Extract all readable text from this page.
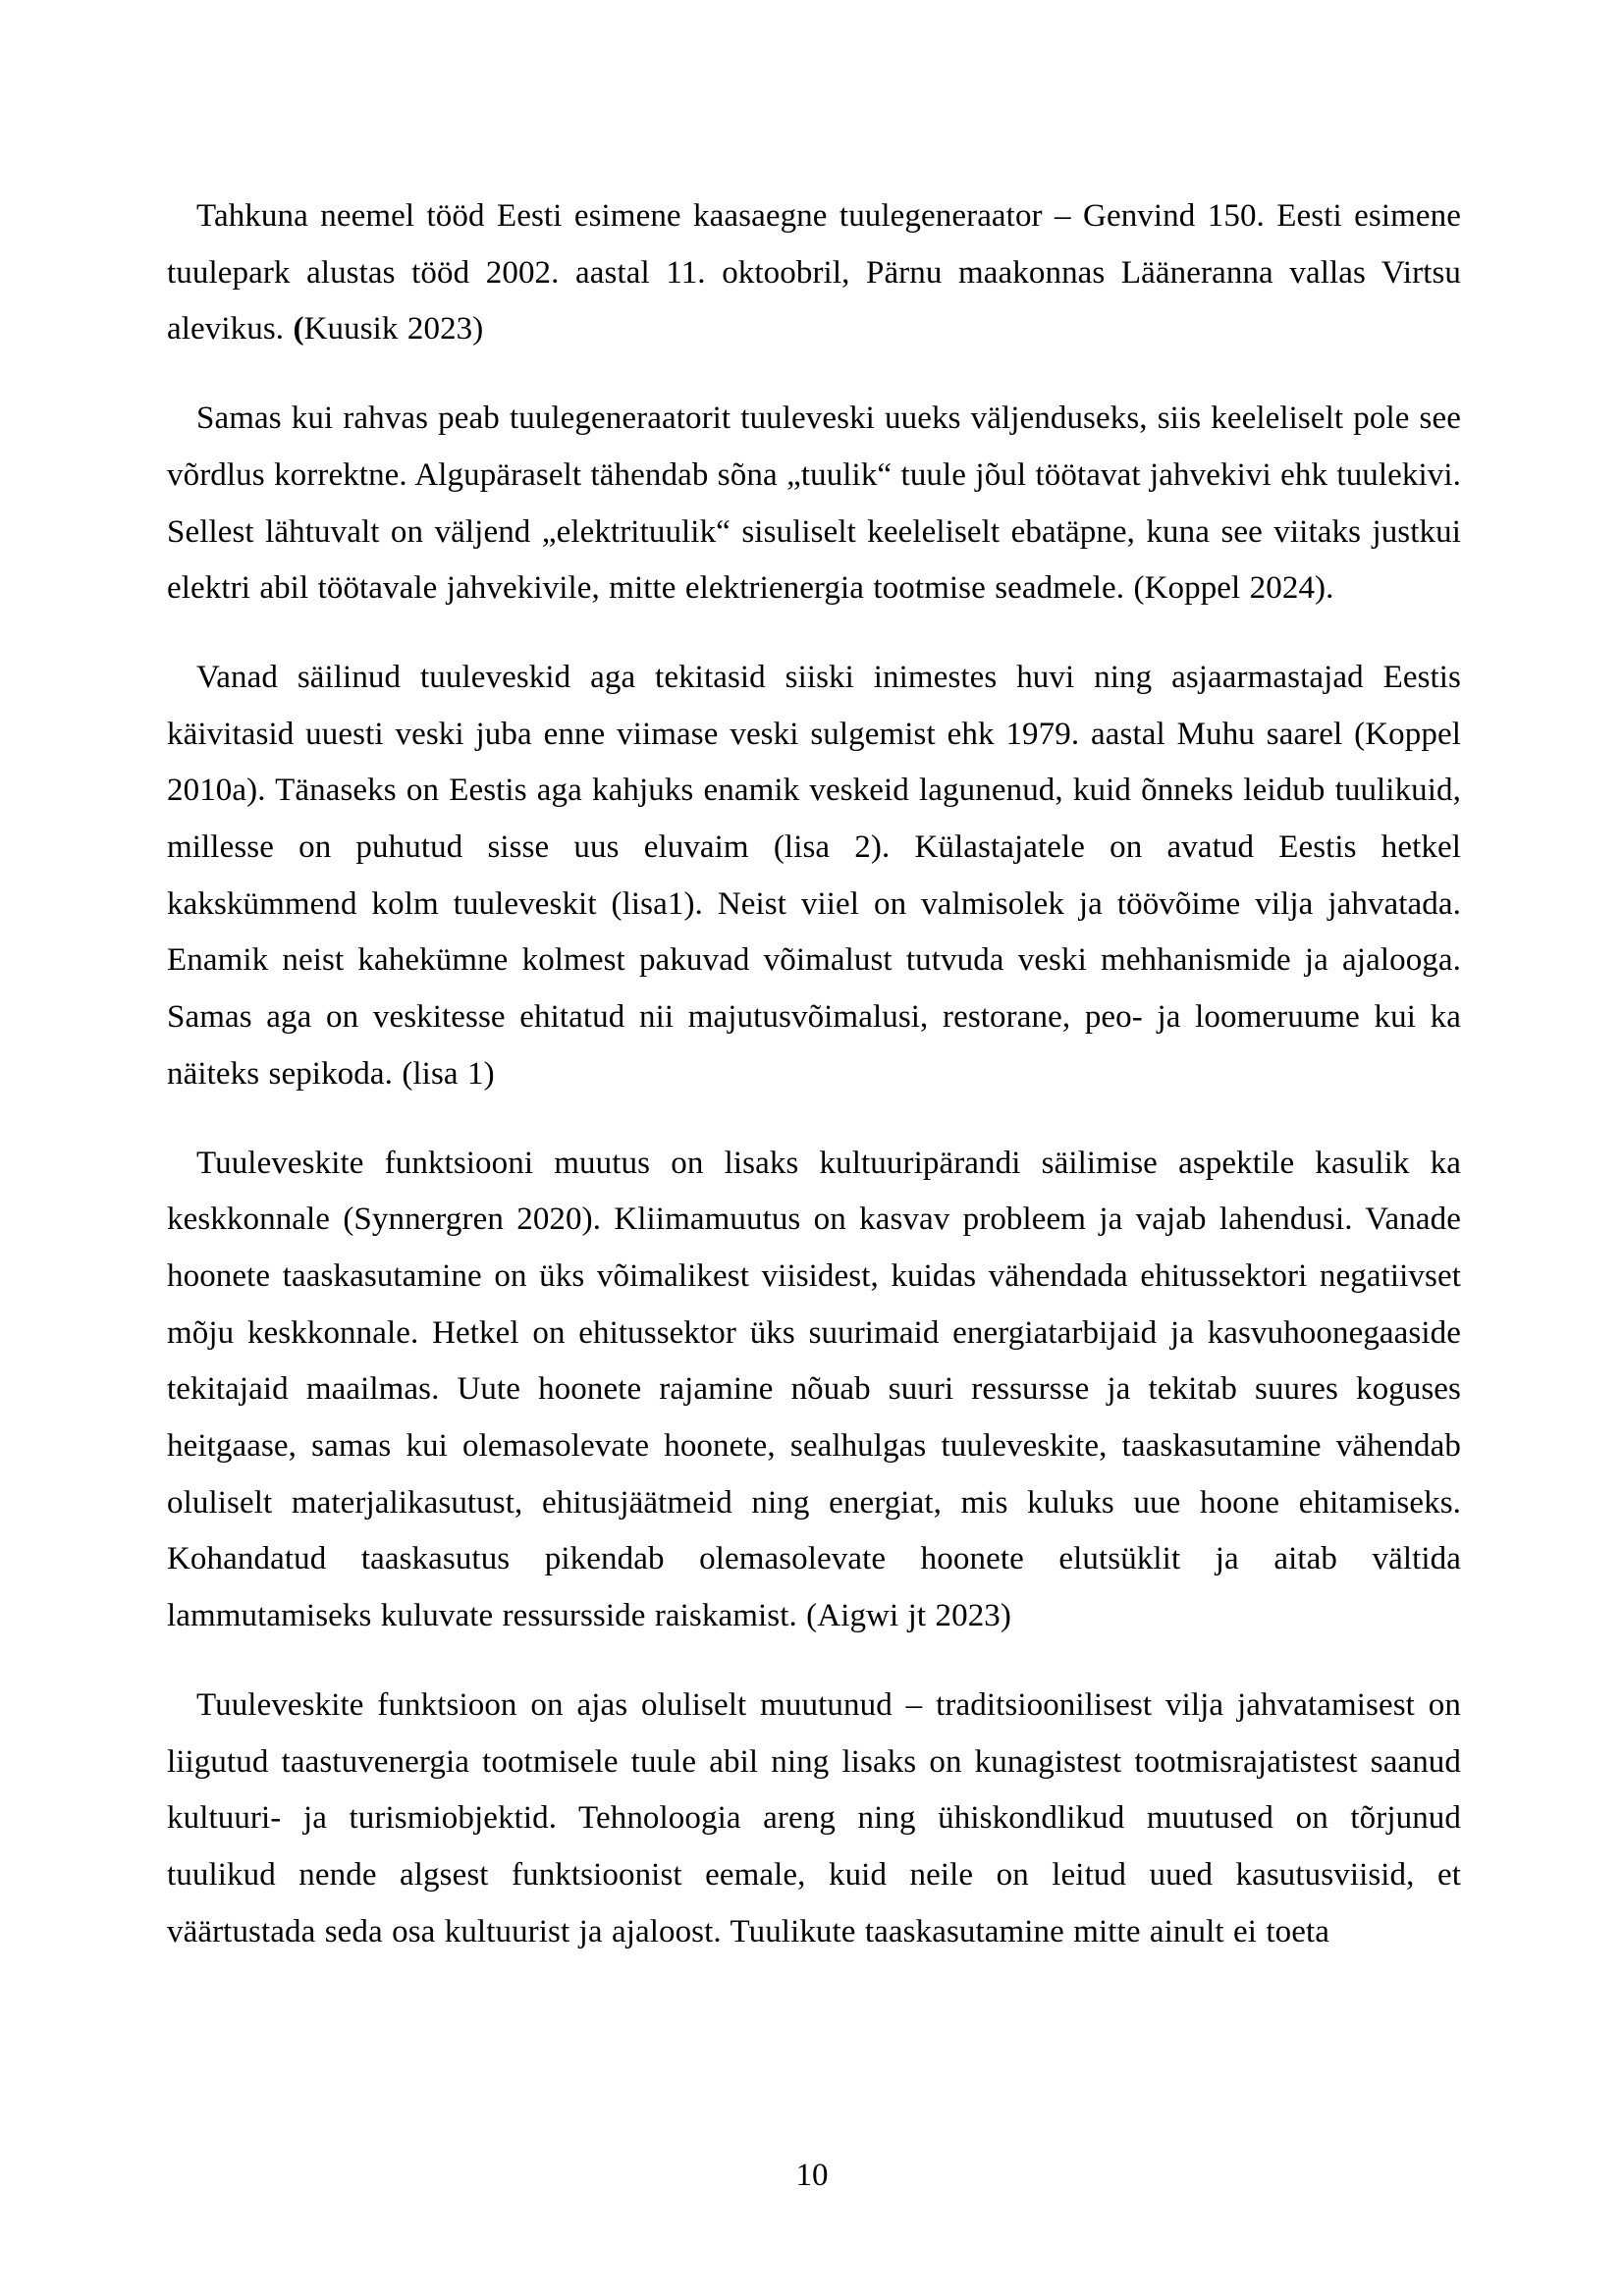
Tahkuna neemel tööd Eesti esimene kaasaegne tuulegeneraator – Genvind 150. Eesti esimene tuulepark alustas tööd 2002. aastal 11. oktoobril, Pärnu maakonnas Lääneranna vallas Virtsu alevikus. (Kuusik 2023)

Samas kui rahvas peab tuulegeneraatorit tuuleveski uueks väljenduseks, siis keeleliselt pole see võrdlus korrektne. Algupäraselt tähendab sõna „tuulik“ tuule jõul töötavat jahvekivi ehk tuulekivi. Sellest lähtuvalt on väljend „elektrituulik“ sisuliselt keeleliselt ebatäpne, kuna see viitaks justkui elektri abil töötavale jahvekivile, mitte elektrienergia tootmise seadmele. (Koppel 2024).

Vanad säilinud tuuleveskid aga tekitasid siiski inimestes huvi ning asjaarmastajad Eestis käivitasid uuesti veski juba enne viimase veski sulgemist ehk 1979. aastal Muhu saarel (Koppel 2010a). Tänaseks on Eestis aga kahjuks enamik veskeid lagunenud, kuid õnneks leidub tuulikuid, millesse on puhutud sisse uus eluvaim (lisa 2). Külastajatele on avatud Eestis hetkel kakskümmend kolm tuuleveskit (lisa1). Neist viiel on valmisolek ja töövõime vilja jahvatada. Enamik neist kahekümne kolmest pakuvad võimalust tutvuda veski mehhanismide ja ajalooga. Samas aga on veskitesse ehitatud nii majutusvõimalusi, restorane, peo- ja loomeruume kui ka näiteks sepikoda. (lisa 1)

Tuuleveskite funktsiooni muutus on lisaks kultuuripärandi säilimise aspektile kasulik ka keskkonnale (Synnergren 2020). Kliimamuutus on kasvav probleem ja vajab lahendusi. Vanade hoonete taaskasutamine on üks võimalikest viisidest, kuidas vähendada ehitussektori negatiivset mõju keskkonnale. Hetkel on ehitussektor üks suurimaid energiatarbijaid ja kasvuhoonegaaside tekitajaid maailmas. Uute hoonete rajamine nõuab suuri ressursse ja tekitab suures koguses heitgaase, samas kui olemasolevate hoonete, sealhulgas tuuleveskite, taaskasutamine vähendab oluliselt materjalikasutust, ehitusjäätmeid ning energiat, mis kuluks uue hoone ehitamiseks. Kohandatud taaskasutus pikendab olemasolevate hoonete elutsüklit ja aitab vältida lammutamiseks kuluvate ressursside raiskamist. (Aigwi jt 2023)

Tuuleveskite funktsioon on ajas oluliselt muutunud – traditsioonilisest vilja jahvatamisest on liigutud taastuvenergia tootmisele tuule abil ning lisaks on kunagistest tootmisrajatistest saanud kultuuri- ja turismiobjektid. Tehnoloogia areng ning ühiskondlikud muutused on tõrjunud tuulikud nende algsest funktsioonist eemale, kuid neile on leitud uued kasutusviisid, et väärtustada seda osa kultuurist ja ajaloost. Tuulikute taaskasutamine mitte ainult ei toeta

10
